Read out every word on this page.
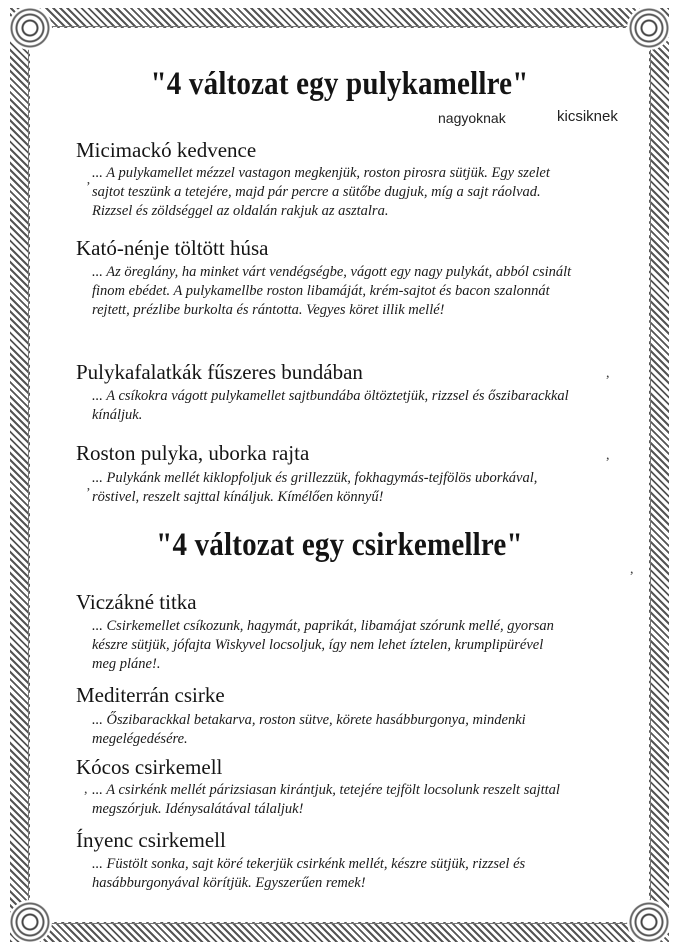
"4 változat egy pulykamellre"
nagyoknak	kicsiknek
Micimackó kedvence
... A pulykamellet mézzel vastagon megkenjük, roston pirosra sütjük. Egy szelet sajtot teszünk a tetejére, majd pár percre a sütőbe dugjuk, míg a sajt ráolvad. Rizzsel és zöldséggel az oldalán rakjuk az asztalra.
’
Kató-nénje töltött húsa
... Az öreglány, ha minket várt vendégségbe, vágott egy nagy pulykát, abból csinált finom ebédet. A pulykamellbe roston libamáját, krém-sajtot és bacon szalonnát rejtett, prézlibe burkolta és rántotta. Vegyes köret illik mellé!
Pulykafalatkák fűszeres bundában
... A csíkokra vágott pulykamellet sajtbundába öltöztetjük, rizzsel és őszibarackkal kínáljuk.
,
Roston pulyka, uborka rajta
... Pulykánk mellét kiklopfoljuk és grillezzük, fokhagymás-tejfölös uborkával, röstivel, reszelt sajttal kínáljuk. Kímélően könnyű!
’
,
"4 változat egy csirkemellre"
,
Viczákné titka
... Csirkemellet csíkozunk, hagymát, paprikát, libamájat szórunk mellé, gyorsan készre sütjük, jófajta Wiskyvel locsoljuk, így nem lehet íztelen, krumplipürével meg pláne!.
Mediterrán csirke
... Őszibarackkal betakarva, roston sütve, körete hasábburgonya, mindenki megelégedésére.
Kócos csirkemell
... A csirkénk mellét párizsiasan kirántjuk, tetejére tejfölt locsolunk reszelt sajttal megszórjuk. Idénysalátával tálaljuk!
,
Ínyenc csirkemell
... Füstölt sonka, sajt köré tekerjük csirkénk mellét, készre sütjük, rizzsel és hasábburgonyával körítjük. Egyszerűen remek!
